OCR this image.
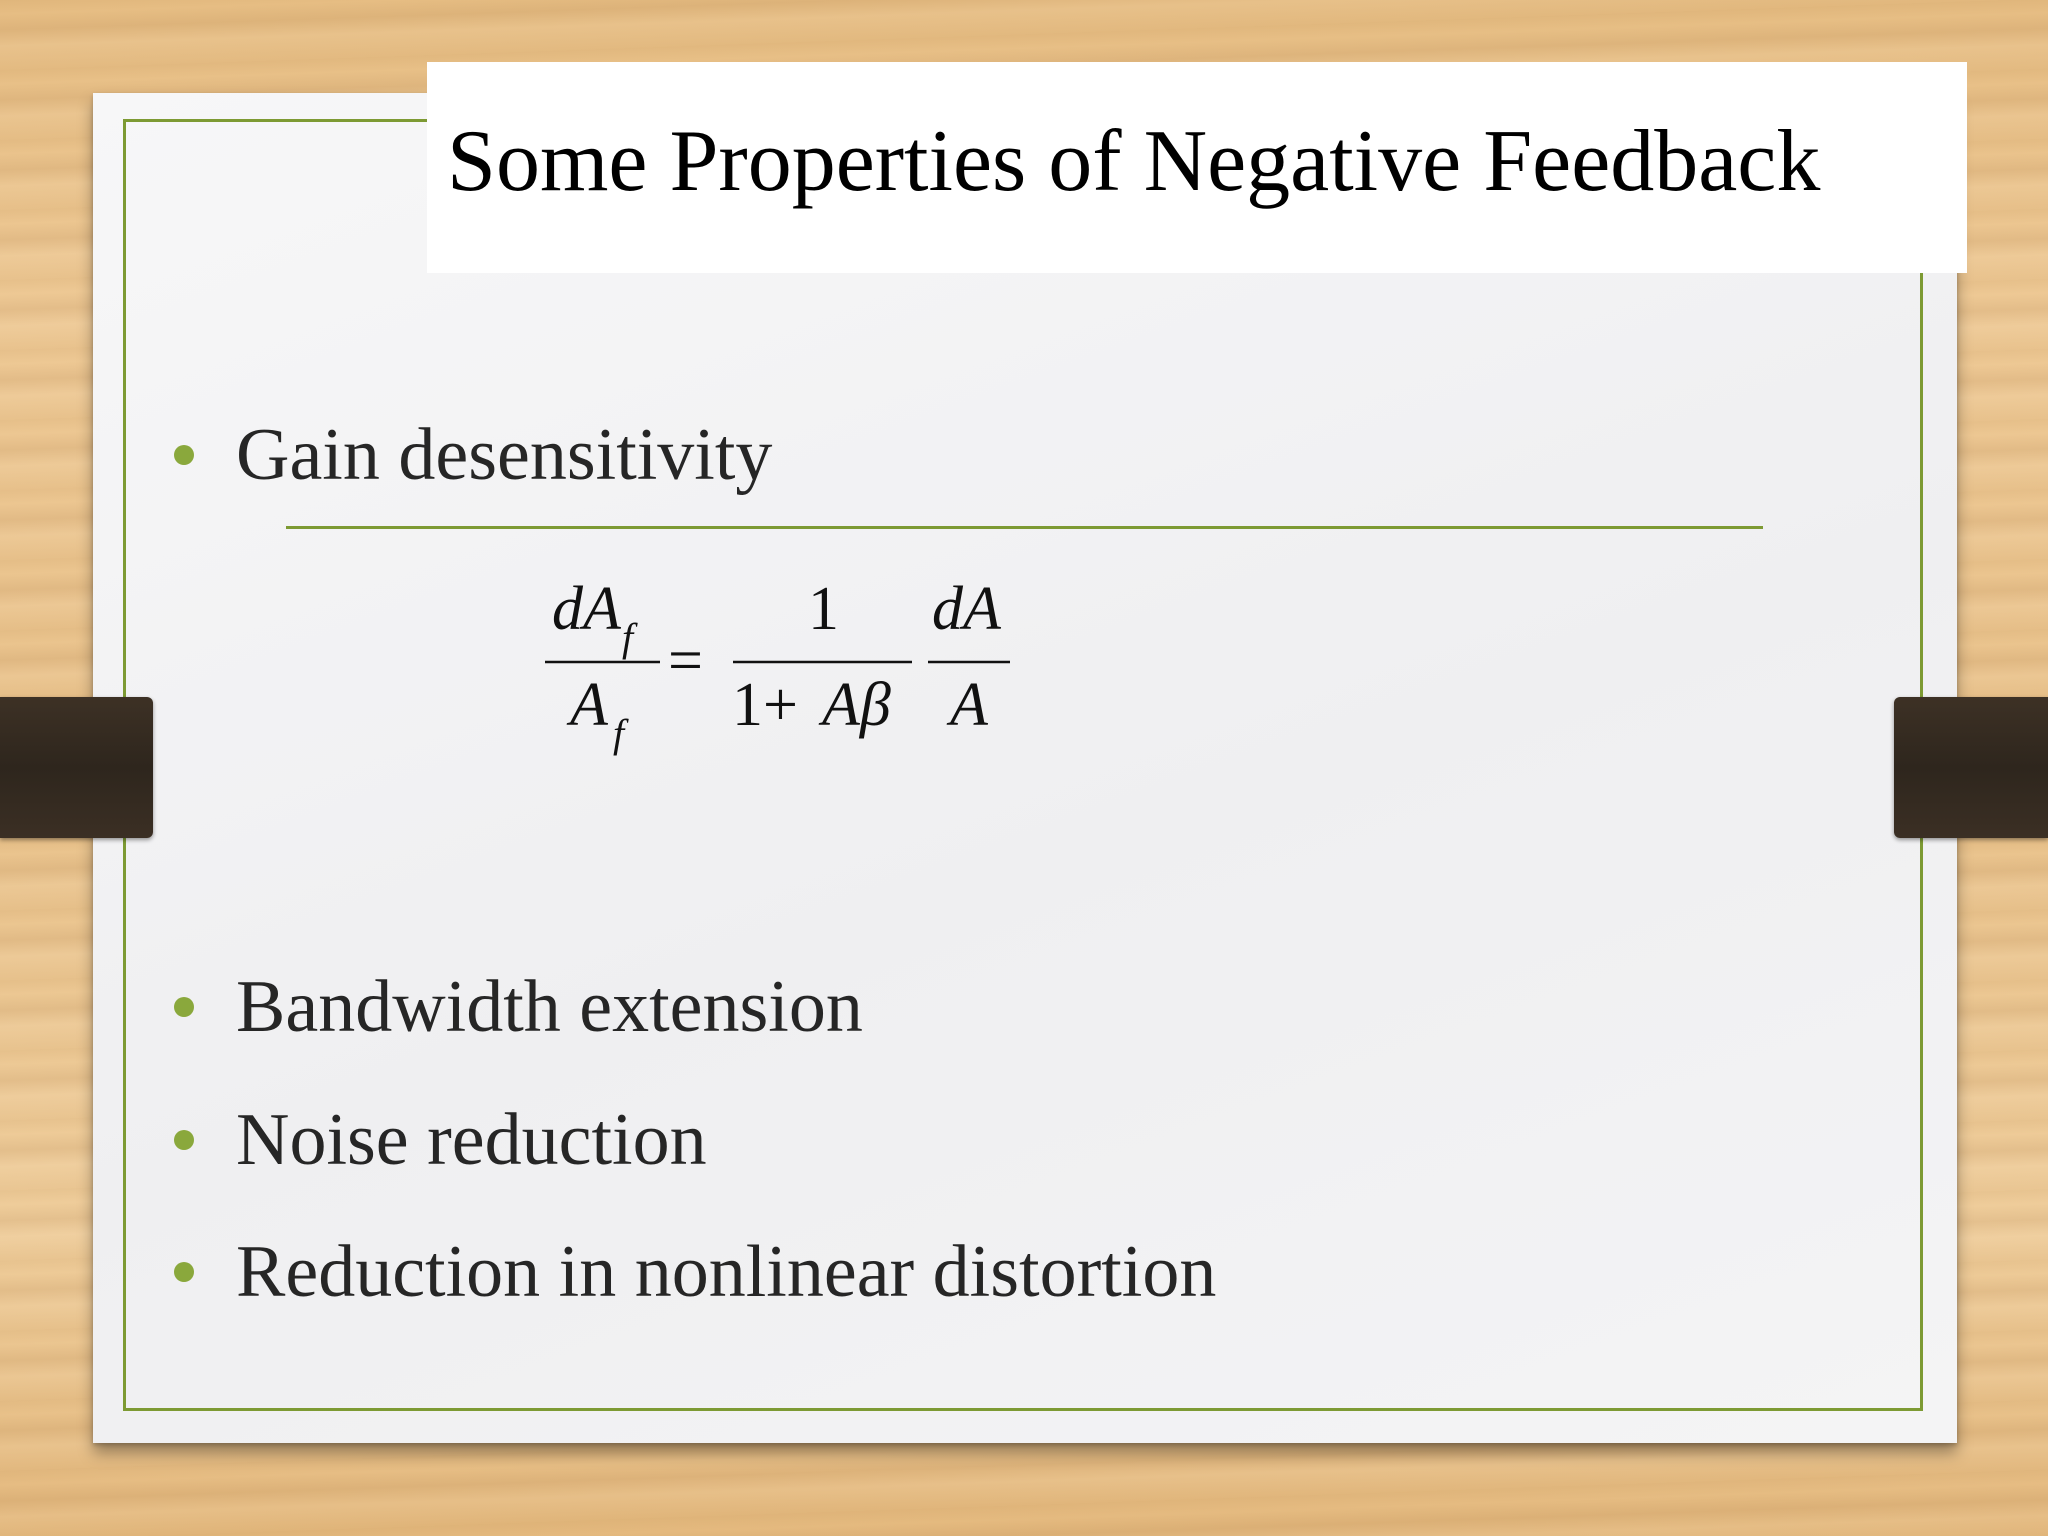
Some Properties of Negative Feedback
Gain desensitivity
dA f
A f
=
1
1+ Aβ
dA
A
Bandwidth extension
Noise reduction
Reduction in nonlinear distortion
